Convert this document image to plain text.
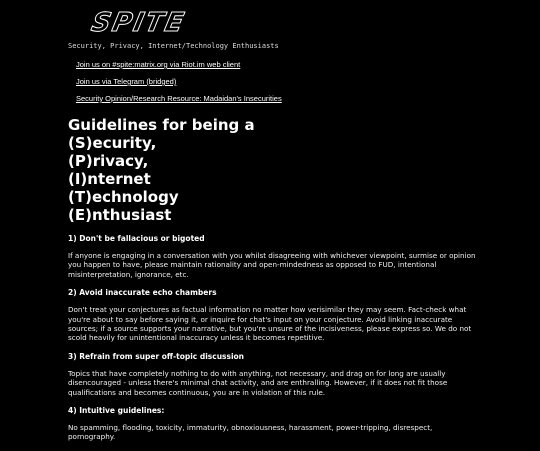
SPITE
Security, Privacy, Internet/Technology Enthusiasts
Join us on #spite:matrix.org via Riot.im web client
Join us via Telegram (bridged)
Security Opinion/Research Resource: Madaidan's Insecurities
Guidelines for being a
(S)ecurity,
(P)rivacy,
(I)nternet
(T)echnology
(E)nthusiast
1) Don't be fallacious or bigoted
If anyone is engaging in a conversation with you whilst disagreeing with whichever viewpoint, surmise or opinion you happen to have, please maintain rationality and open-mindedness as opposed to FUD, intentional misinterpretation, ignorance, etc.
2) Avoid inaccurate echo chambers
Don't treat your conjectures as factual information no matter how verisimilar they may seem. Fact-check what you're about to say before saying it, or inquire for chat's input on your conjecture. Avoid linking inaccurate sources; if a source supports your narrative, but you're unsure of the incisiveness, please express so. We do not scold heavily for unintentional inaccuracy unless it becomes repetitive.
3) Refrain from super off-topic discussion
Topics that have completely nothing to do with anything, not necessary, and drag on for long are usually disencouraged - unless there's minimal chat activity, and are enthralling. However, if it does not fit those qualifications and becomes continuous, you are in violation of this rule.
4) Intuitive guidelines:
No spamming, flooding, toxicity, immaturity, obnoxiousness, harassment, power-tripping, disrespect, pornography.
